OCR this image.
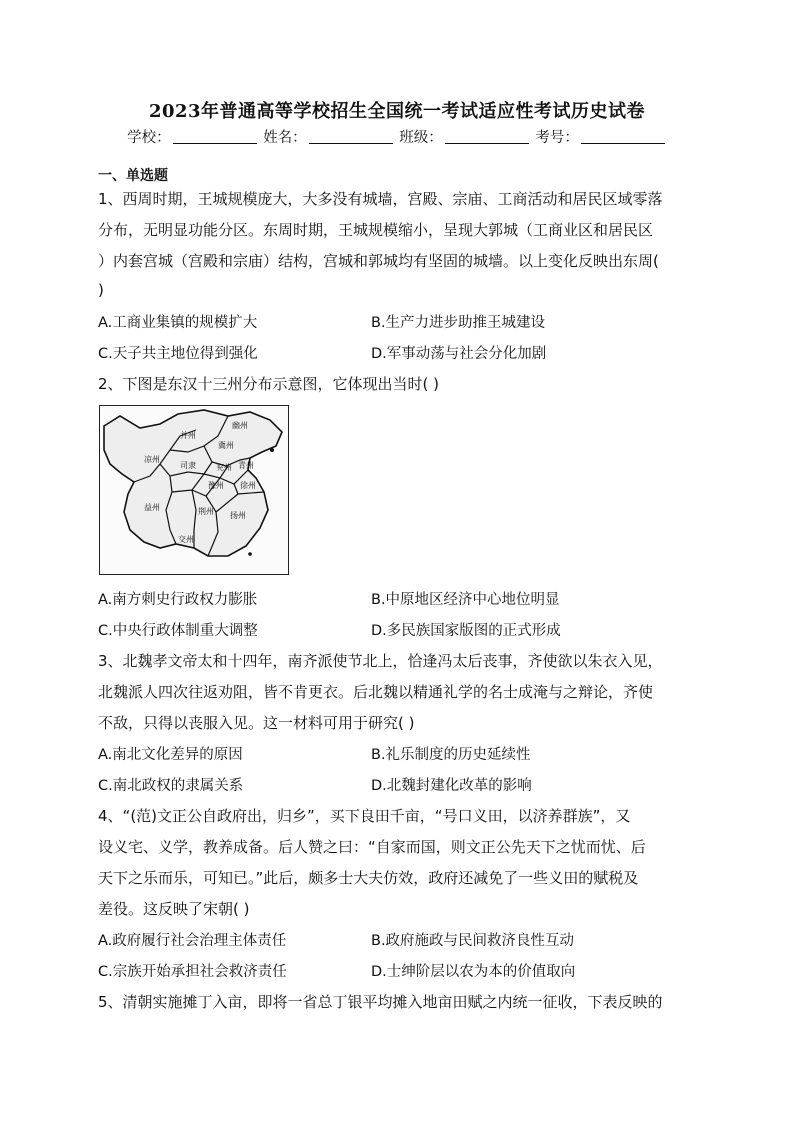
2023年普通高等学校招生全国统一考试适应性考试历史试卷
学校：	姓名：	班级：	考号：
一、单选题
1、西周时期，王城规模庞大，大多没有城墙，宫殿、宗庙、工商活动和居民区域零落
分布，无明显功能分区。东周时期，王城规模缩小，呈现大郭城（工商业区和居民区
）内套宫城（宫殿和宗庙）结构，宫城和郭城均有坚固的城墙。以上变化反映出东周(
)
A.工商业集镇的规模扩大	B.生产力进步助推王城建设
C.天子共主地位得到强化	D.军事动荡与社会分化加剧
2、下图是东汉十三州分布示意图，它体现出当时( )
凉州
并州
冀州
幽州
司隶	兖州 青州
徐州
豫州
益州	荆州 扬州
交州
A.南方刺史行政权力膨胀	B.中原地区经济中心地位明显
C.中央行政体制重大调整	D.多民族国家版图的正式形成
3、北魏孝文帝太和十四年，南齐派使节北上，恰逢冯太后丧事，齐使欲以朱衣入见，
北魏派人四次往返劝阻，皆不肯更衣。后北魏以精通礼学的名士成淹与之辩论，齐使
不敌，只得以丧服入见。这一材料可用于研究( )
A.南北文化差异的原因	B.礼乐制度的历史延续性
C.南北政权的隶属关系	D.北魏封建化改革的影响
4、“(范)文正公自政府出，归乡”，买下良田千亩，“号口义田，以济养群族”，又
设义宅、义学，教养成备。后人赞之曰：“自家而国，则文正公先天下之忧而忧、后
天下之乐而乐，可知已。”此后，颇多士大夫仿效，政府还减免了一些义田的赋税及
差役。这反映了宋朝( )
A.政府履行社会治理主体责任	B.政府施政与民间救济良性互动
C.宗族开始承担社会救济责任	D.士绅阶层以农为本的价值取向
5、清朝实施摊丁入亩，即将一省总丁银平均摊入地亩田赋之内统一征收，下表反映的
